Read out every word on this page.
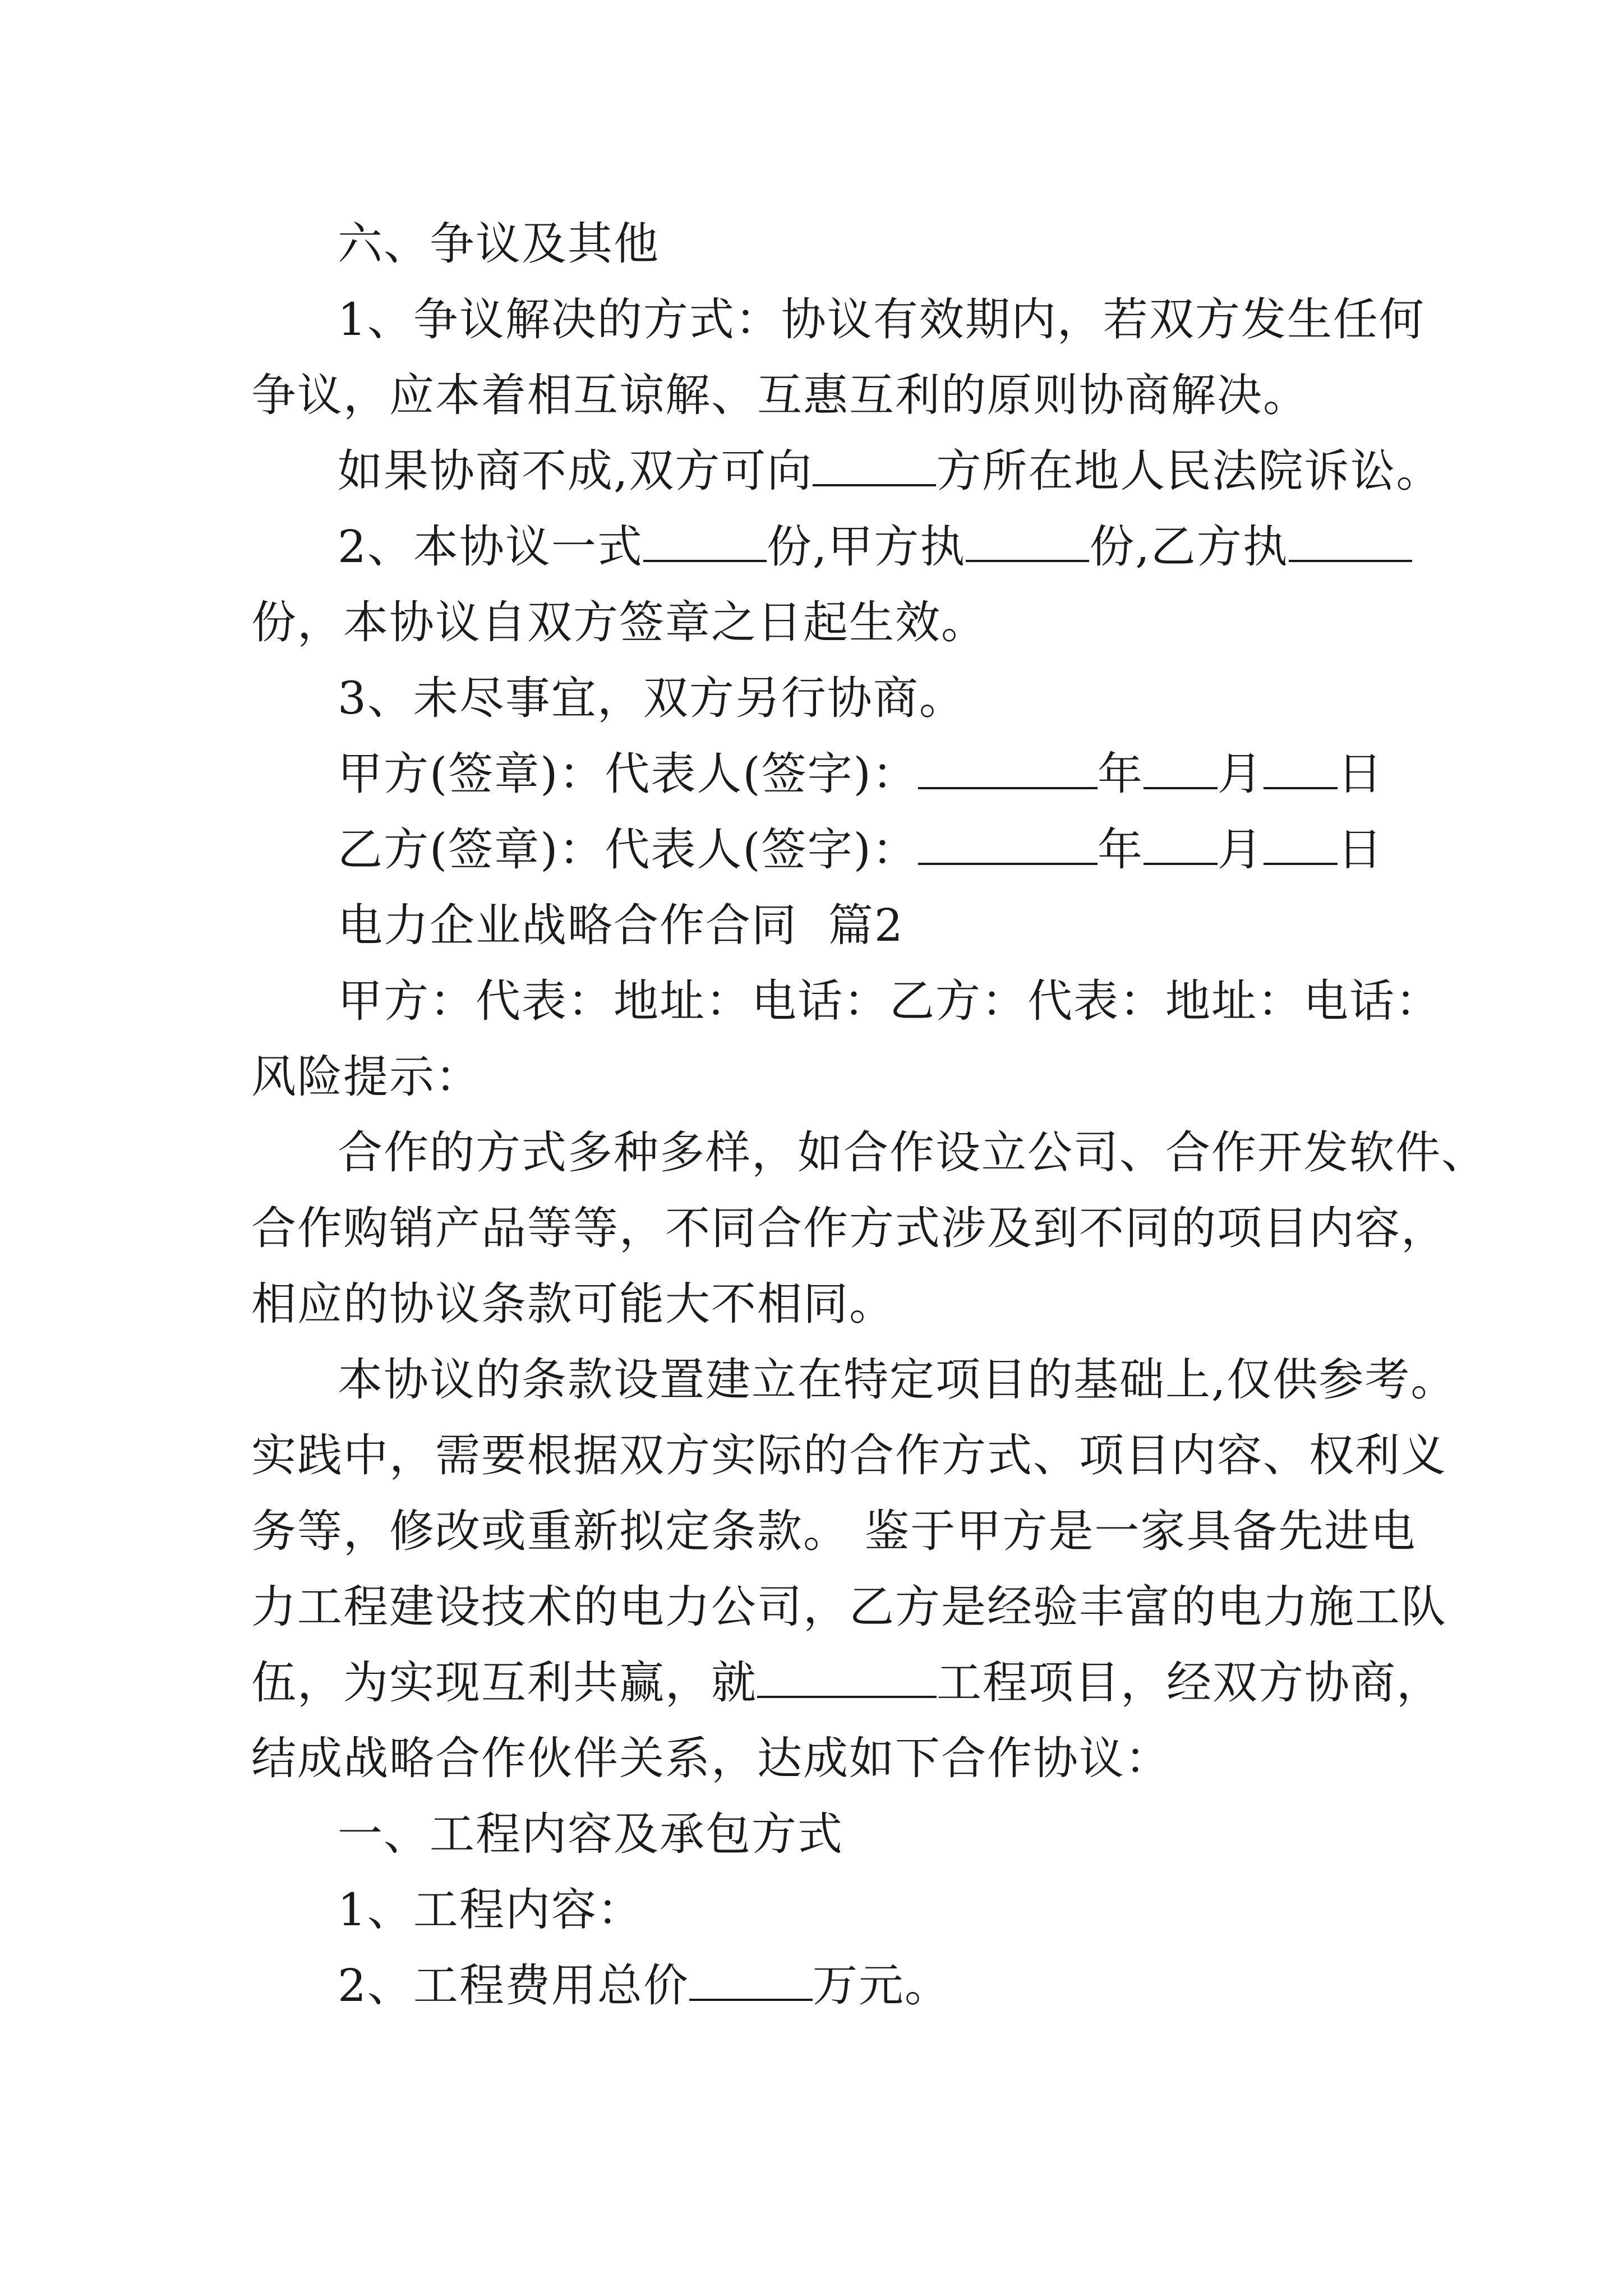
六、争议及其他
1、争议解决的方式：协议有效期内，若双方发生任何
争议，应本着相互谅解、互惠互利的原则协商解决。
如果协商不成,双方可向	方所在地人民法院诉讼。
2、本协议一式	份,甲方执	份,乙方执
份，本协议自双方签章之日起生效。
3、未尽事宜，双方另行协商。
甲方(签章)：代表人(签字)：	年 月 日
乙方(签章)：代表人(签字)：	年 月 日
电力企业战略合作合同  篇2
甲方：代表：地址：电话：乙方：代表：地址：电话：
风险提示：
合作的方式多种多样，如合作设立公司、合作开发软件、
合作购销产品等等，不同合作方式涉及到不同的项目内容，
相应的协议条款可能大不相同。
本协议的条款设置建立在特定项目的基础上,仅供参考。
实践中，需要根据双方实际的合作方式、项目内容、权利义
务等，修改或重新拟定条款。 鉴于甲方是一家具备先进电
力工程建设技术的电力公司，乙方是经验丰富的电力施工队
伍，为实现互利共赢，就	工程项目，经双方协商，
结成战略合作伙伴关系，达成如下合作协议：
一、工程内容及承包方式
1、工程内容：
2、工程费用总价	万元。
